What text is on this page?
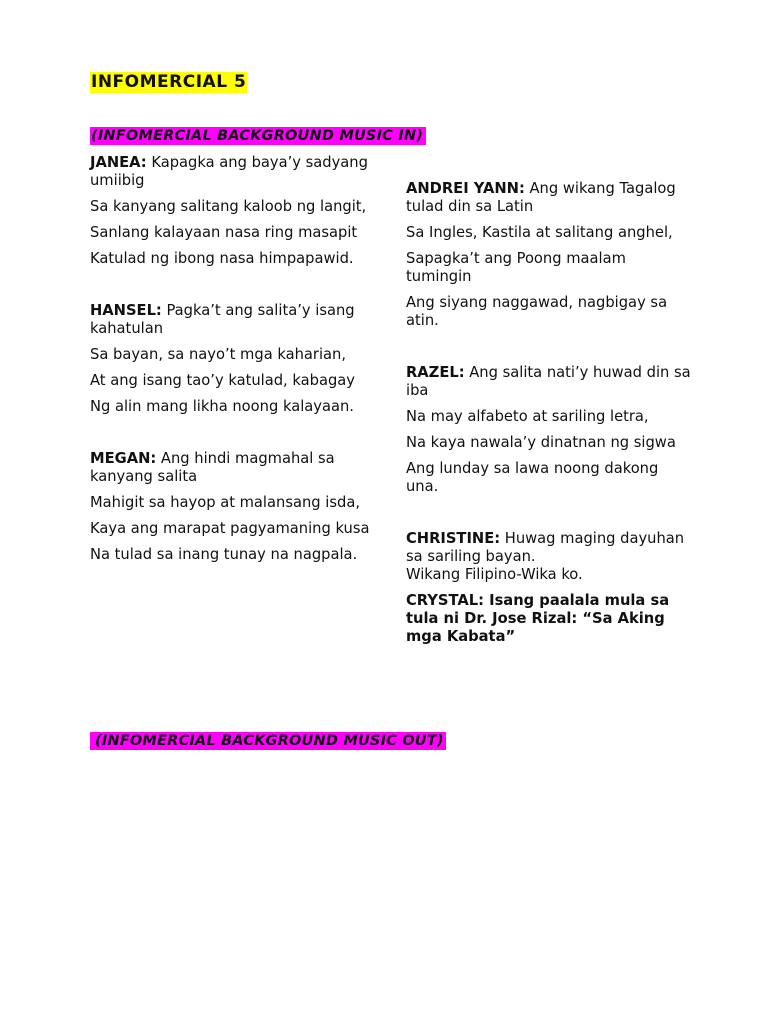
INFOMERCIAL 5
(INFOMERCIAL BACKGROUND MUSIC IN)

JANEA: Kapagka ang baya’y sadyang umiibig

Sa kanyang salitang kaloob ng langit,

Sanlang kalayaan nasa ring masapit

Katulad ng ibong nasa himpapawid.

HANSEL: Pagka’t ang salita’y isang kahatulan

Sa bayan, sa nayo’t mga kaharian,

At ang isang tao’y katulad, kabagay

Ng alin mang likha noong kalayaan.

MEGAN: Ang hindi magmahal sa kanyang salita

Mahigit sa hayop at malansang isda,

Kaya ang marapat pagyamaning kusa

Na tulad sa inang tunay na nagpala.

ANDREI YANN: Ang wikang Tagalog tulad din sa Latin

Sa Ingles, Kastila at salitang anghel,

Sapagka’t ang Poong maalam tumingin

Ang siyang naggawad, nagbigay sa atin.

RAZEL: Ang salita nati’y huwad din sa iba

Na may alfabeto at sariling letra,

Na kaya nawala’y dinatnan ng sigwa

Ang lunday sa lawa noong dakong una.

CHRISTINE: Huwag maging dayuhan sa sariling bayan.

Wikang Filipino-Wika ko.

CRYSTAL: Isang paalala mula sa tula ni Dr. Jose Rizal: “Sa Aking mga Kabata”

(INFOMERCIAL BACKGROUND MUSIC OUT)
